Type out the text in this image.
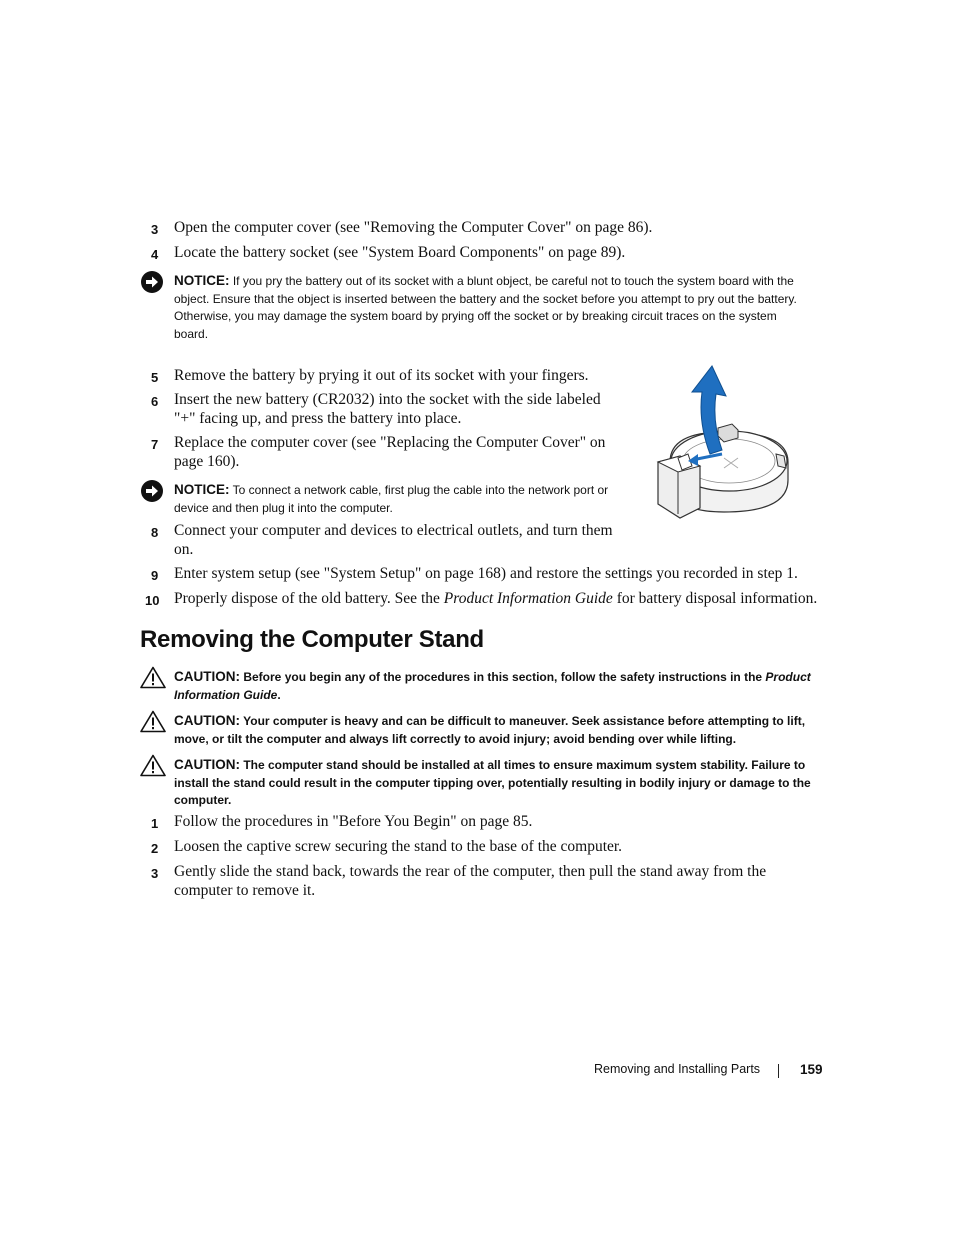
3 Open the computer cover (see "Removing the Computer Cover" on page 86).
4 Locate the battery socket (see "System Board Components" on page 89).
NOTICE: If you pry the battery out of its socket with a blunt object, be careful not to touch the system board with the object. Ensure that the object is inserted between the battery and the socket before you attempt to pry out the battery. Otherwise, you may damage the system board by prying off the socket or by breaking circuit traces on the system board.
5 Remove the battery by prying it out of its socket with your fingers.
6 Insert the new battery (CR2032) into the socket with the side labeled "+" facing up, and press the battery into place.
7 Replace the computer cover (see "Replacing the Computer Cover" on page 160).
NOTICE: To connect a network cable, first plug the cable into the network port or device and then plug it into the computer.
8 Connect your computer and devices to electrical outlets, and turn them on.
9 Enter system setup (see "System Setup" on page 168) and restore the settings you recorded in step 1.
10 Properly dispose of the old battery. See the Product Information Guide for battery disposal information.
Removing the Computer Stand
CAUTION: Before you begin any of the procedures in this section, follow the safety instructions in the Product Information Guide.
CAUTION: Your computer is heavy and can be difficult to maneuver. Seek assistance before attempting to lift, move, or tilt the computer and always lift correctly to avoid injury; avoid bending over while lifting.
CAUTION: The computer stand should be installed at all times to ensure maximum system stability. Failure to install the stand could result in the computer tipping over, potentially resulting in bodily injury or damage to the computer.
1 Follow the procedures in "Before You Begin" on page 85.
2 Loosen the captive screw securing the stand to the base of the computer.
3 Gently slide the stand back, towards the rear of the computer, then pull the stand away from the computer to remove it.
Removing and Installing Parts	159
